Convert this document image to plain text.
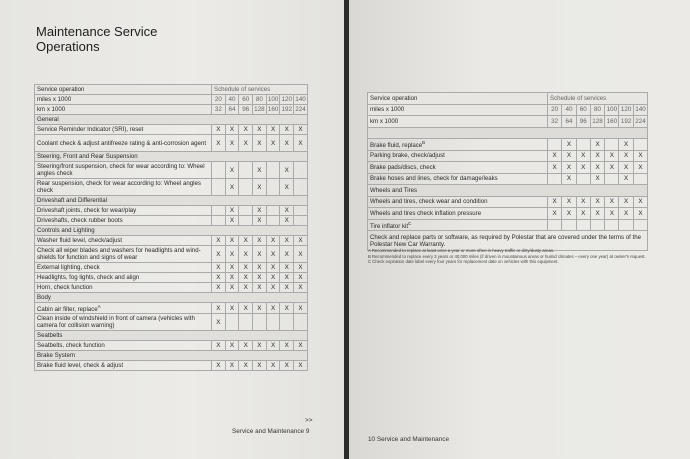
Maintenance Service
Operations
Service operation	Schedule of services						
miles x 1000	20	40	60	80	100	120	140
km x 1000	32	64	96	128	160	192	224
General							
Service Reminder Indicator (SRI), reset	X	X	X	X	X	X	X
Coolant check & adjust antifreeze rating & anti-corrosion agent	X	X	X	X	X	X	X
Steering, Front and Rear Suspension							
Steering/front suspension, check for wear according to: Wheel angles check		X		X		X	
Rear suspension, check for wear according to: Wheel angles check		X		X		X	
Driveshaft and Differential							
Driveshaft joints, check for wear/play		X		X		X	
Driveshafts, check rubber boots		X		X		X	
Controls and Lighting							
Washer fluid level, check/adjust	X	X	X	X	X	X	X
Check all wiper blades and washers for headlights and wind-shields for function and signs of wear	X	X	X	X	X	X	X
External lighting, check	X	X	X	X	X	X	X
Headlights, fog lights, check and align	X	X	X	X	X	X	X
Horn, check function	X	X	X	X	X	X	X
Body							
Cabin air filter, replace$^A$	X	X	X	X	X	X	X
Clean inside of windshield in front of camera (vehicles with camera for collision warning)	X						
Seatbelts							
Seatbelts, check function	X	X	X	X	X	X	X
Brake System							
Brake fluid level, check & adjust	X	X	X	X	X	X	X
>>
Service and Maintenance 9
10 Service and Maintenance
Service operation	Schedule of services						
miles x 1000	20	40	60	80	100	120	140
km x 1000	32	64	96	128	160	192	224

Brake fluid, replace$^B$		X		X		X	
Parking brake, check/adjust	X	X	X	X	X	X	X
Brake pads/discs, check	X	X	X	X	X	X	X
Brake hoses and lines, check for damage/leaks		X		X		X	
Wheels and Tires							
Wheels and tires, check wear and condition	X	X	X	X	X	X	X
Wheels and tires check inflation pressure	X	X	X	X	X	X	X
Tire inflator kit$^C$							
Check and replace parts or software, as required by Polestar that are covered under the terms of the Polestar New Car Warranty.							
A Recommended to replace at least once a year or more often in heavy traffic or dirty/dusty areas.
B Recommended to replace every 3 years or 40,000 miles (if driven in mountainous areas or humid climates – every one year) at owner's request.
C Check expiration date label every four years for replacement date on vehicles with this equipment.
